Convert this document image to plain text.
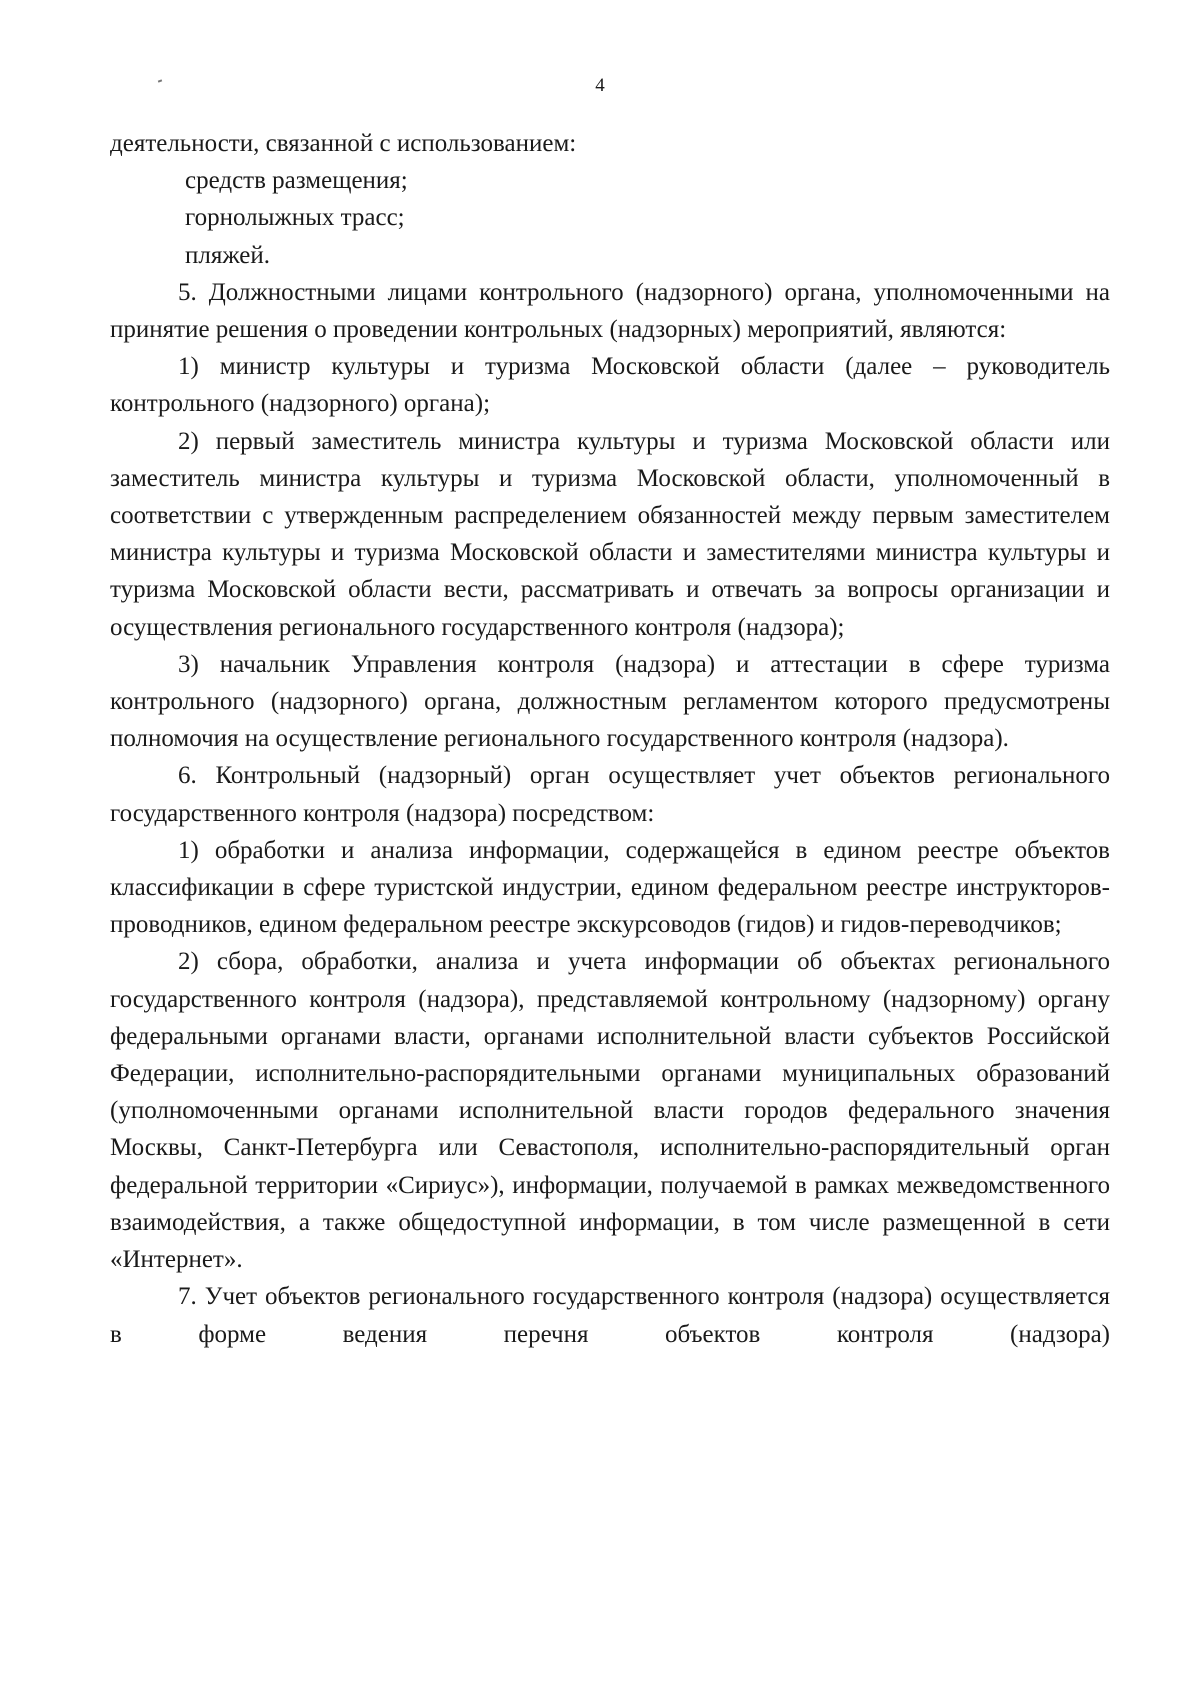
4

деятельности, связанной с использованием:

средств размещения;

горнолыжных трасс;

пляжей.

5. Должностными лицами контрольного (надзорного) органа, уполномоченными на принятие решения о проведении контрольных (надзорных) мероприятий, являются:

1) министр культуры и туризма Московской области (далее – руководитель контрольного (надзорного) органа);

2) первый заместитель министра культуры и туризма Московской области или заместитель министра культуры и туризма Московской области, уполномоченный в соответствии с утвержденным распределением обязанностей между первым заместителем министра культуры и туризма Московской области и заместителями министра культуры и туризма Московской области вести, рассматривать и отвечать за вопросы организации и осуществления регионального государственного контроля (надзора);

3) начальник Управления контроля (надзора) и аттестации в сфере туризма контрольного (надзорного) органа, должностным регламентом которого предусмотрены полномочия на осуществление регионального государственного контроля (надзора).

6. Контрольный (надзорный) орган осуществляет учет объектов регионального государственного контроля (надзора) посредством:

1) обработки и анализа информации, содержащейся в едином реестре объектов классификации в сфере туристской индустрии, едином федеральном реестре инструкторов-проводников, едином федеральном реестре экскурсоводов (гидов) и гидов-переводчиков;

2) сбора, обработки, анализа и учета информации об объектах регионального государственного контроля (надзора), представляемой контрольному (надзорному) органу федеральными органами власти, органами исполнительной власти субъектов Российской Федерации, исполнительно-распорядительными органами муниципальных образований (уполномоченными органами исполнительной власти городов федерального значения Москвы, Санкт-Петербурга или Севастополя, исполнительно-распорядительный орган федеральной территории «Сириус»), информации, получаемой в рамках межведомственного взаимодействия, а также общедоступной информации, в том числе размещенной в сети «Интернет».

7. Учет объектов регионального государственного контроля (надзора) осуществляется в форме ведения перечня объектов контроля (надзора)
